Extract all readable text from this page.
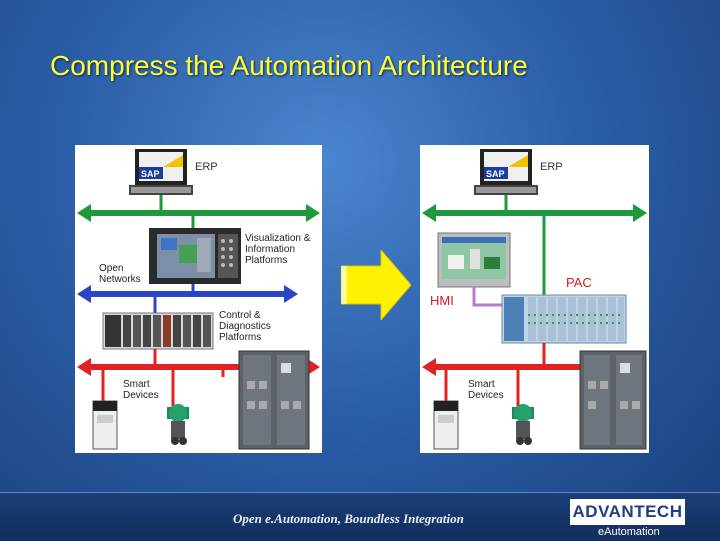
Compress the Automation Architecture
SAP
ERP
Visualization &
Information
Platforms
Open
Networks
Control &
Diagnostics
Platforms
Smart
Devices
SAP
ERP
PAC
HMI
Smart
Devices
Open e.Automation, Boundless Integration	ADVANTECH
eAutomation
